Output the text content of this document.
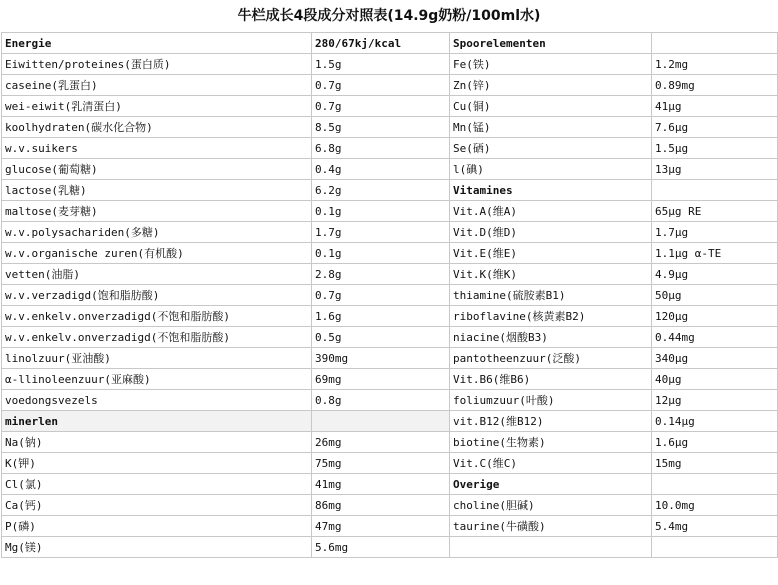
牛栏成长4段成分对照表(14.9g奶粉/100ml水)
Energie	280/67kj/kcal	Spoorelementen	
Eiwitten/proteines(蛋白质)	1.5g	Fe(铁)	1.2mg
caseine(乳蛋白)	0.7g	Zn(锌)	0.89mg
wei-eiwit(乳清蛋白)	0.7g	Cu(铜)	41μg
koolhydraten(碳水化合物)	8.5g	Mn(锰)	7.6μg
w.v.suikers	6.8g	Se(硒)	1.5μg
glucose(葡萄糖)	0.4g	l(碘)	13μg
lactose(乳糖)	6.2g	Vitamines	
maltose(麦芽糖)	0.1g	Vit.A(维A)	65μg RE
w.v.polysachariden(多糖)	1.7g	Vit.D(维D)	1.7μg
w.v.organische zuren(有机酸)	0.1g	Vit.E(维E)	1.1μg α-TE
vetten(油脂)	2.8g	Vit.K(维K)	4.9μg
w.v.verzadigd(饱和脂肪酸)	0.7g	thiamine(硫胺素B1)	50μg
w.v.enkelv.onverzadigd(不饱和脂肪酸)	1.6g	riboflavine(核黄素B2)	120μg
w.v.enkelv.onverzadigd(不饱和脂肪酸)	0.5g	niacine(烟酸B3)	0.44mg
linolzuur(亚油酸)	390mg	pantotheenzuur(泛酸)	340μg
α-llinoleenzuur(亚麻酸)	69mg	Vit.B6(维B6)	40μg
voedongsvezels	0.8g	foliumzuur(叶酸)	12μg
minerlen		vit.B12(维B12)	0.14μg
Na(钠)	26mg	biotine(生物素)	1.6μg
K(钾)	75mg	Vit.C(维C)	15mg
Cl(氯)	41mg	Overige	
Ca(钙)	86mg	choline(胆碱)	10.0mg
P(磷)	47mg	taurine(牛磺酸)	5.4mg
Mg(镁)	5.6mg		
